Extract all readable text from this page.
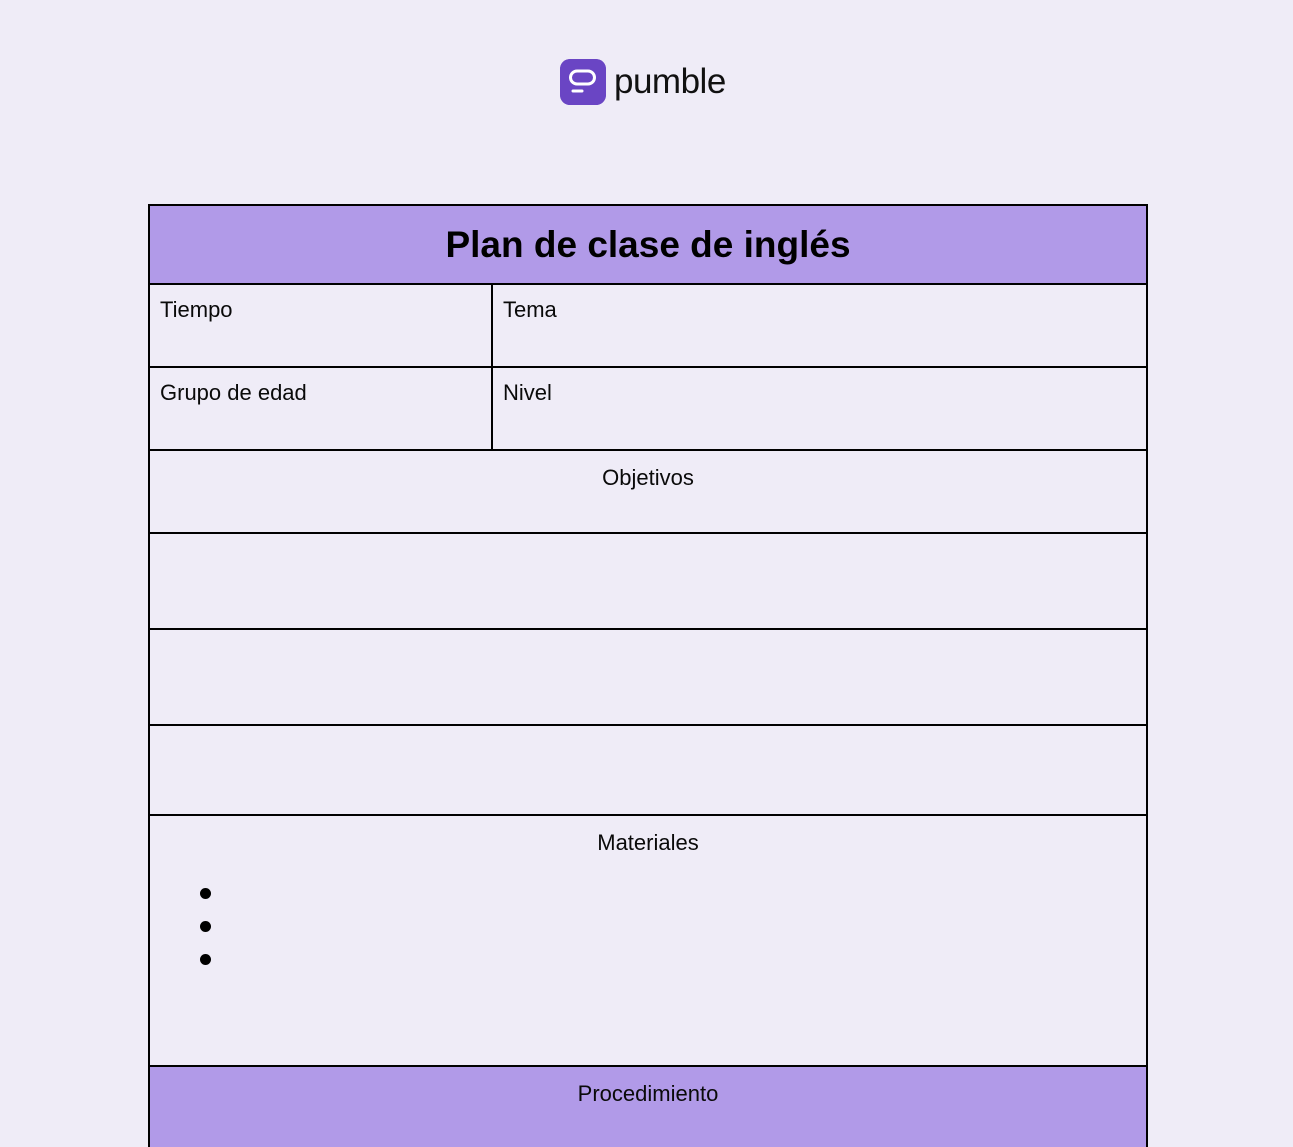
pumble
Plan de clase de inglés
Tiempo	Tema
Grupo de edad	Nivel
Objetivos
Materiales
Procedimiento
